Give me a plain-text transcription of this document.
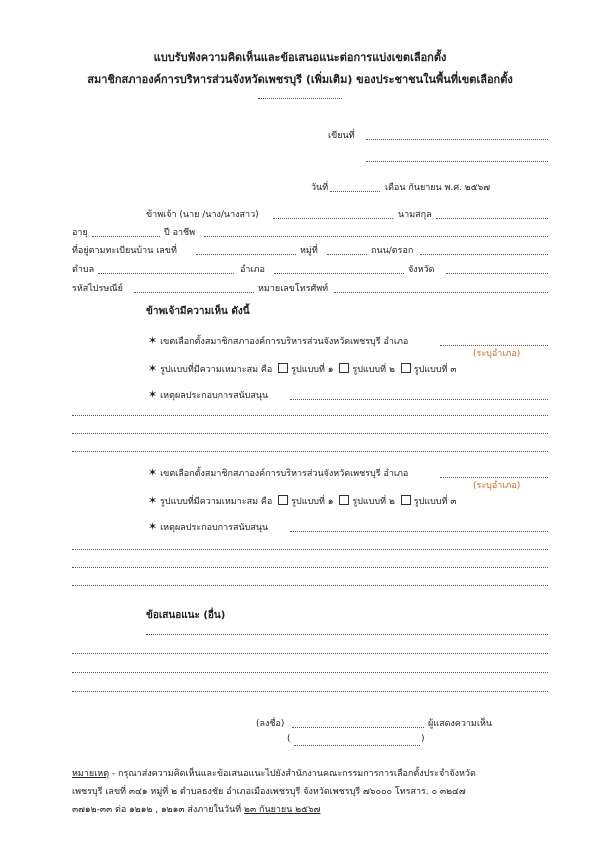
แบบรับฟังความคิดเห็นและข้อเสนอแนะต่อการแบ่งเขตเลือกตั้ง
สมาชิกสภาองค์การบริหารส่วนจังหวัดเพชรบุรี (เพิ่มเติม) ของประชาชนในพื้นที่เขตเลือกตั้ง
เขียนที่
วันที่	เดือน กันยายน พ.ศ. ๒๕๖๗
ข้าพเจ้า (นาย /นาง/นางสาว)	นามสกุล
อายุ	ปี อาชีพ
ที่อยู่ตามทะเบียนบ้าน เลขที่	หมู่ที่	ถนน/ตรอก
ตำบล	อำเภอ	จังหวัด
รหัสไปรษณีย์	หมายเลขโทรศัพท์
ข้าพเจ้ามีความเห็น ดังนี้
✶ เขตเลือกตั้งสมาชิกสภาองค์การบริหารส่วนจังหวัดเพชรบุรี อำเภอ
(ระบุอำเภอ)
✶ รูปแบบที่มีความเหมาะสม คือ รูปแบบที่ ๑ รูปแบบที่ ๒ รูปแบบที่ ๓
✶ เหตุผลประกอบการสนับสนุน
✶ เขตเลือกตั้งสมาชิกสภาองค์การบริหารส่วนจังหวัดเพชรบุรี อำเภอ
(ระบุอำเภอ)
✶ รูปแบบที่มีความเหมาะสม คือ รูปแบบที่ ๑ รูปแบบที่ ๒ รูปแบบที่ ๓
✶ เหตุผลประกอบการสนับสนุน
ข้อเสนอแนะ (อื่น)
(ลงชื่อ)	ผู้แสดงความเห็น
(	)
หมายเหตุ - กรุณาส่งความคิดเห็นและข้อเสนอแนะไปยังสำนักงานคณะกรรมการการเลือกตั้งประจำจังหวัด
เพชรบุรี เลขที่ ๓๔๑ หมู่ที่ ๒ ตำบลธงชัย อำเภอเมืองเพชรบุรี จังหวัดเพชรบุรี ๗๖๐๐๐ โทรสาร. ๐ ๓๒๔๗
๓๗๑๒-๓๓ ต่อ ๑๒๑๒ , ๑๒๑๓ ส่งภายในวันที่ ๒๓ กันยายน ๒๕๖๗
